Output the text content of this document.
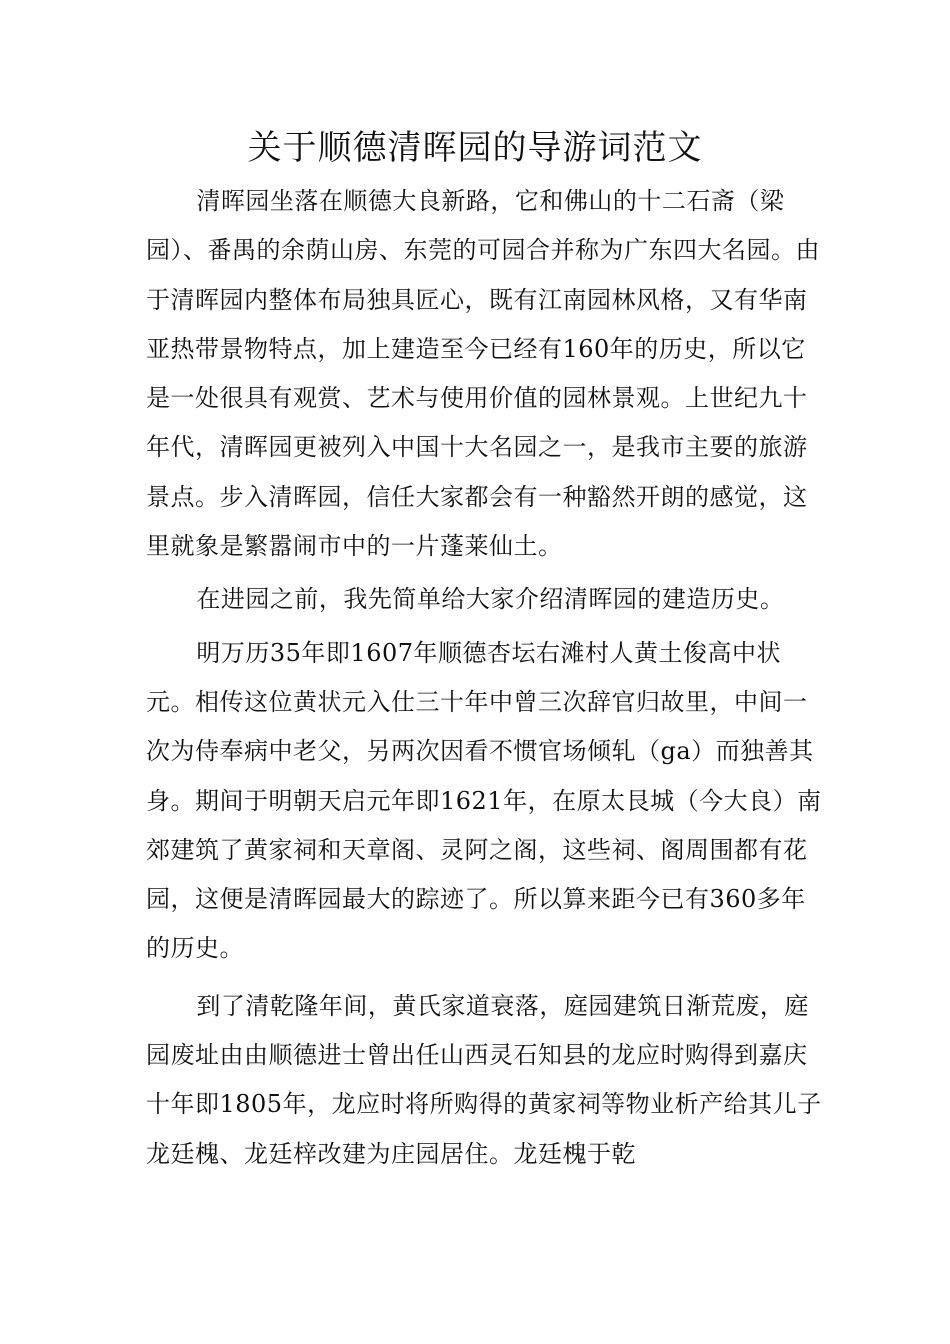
关于顺德清晖园的导游词范文

清晖园坐落在顺德大良新路，它和佛山的十二石斋（梁园）、番禺的余荫山房、东莞的可园合并称为广东四大名园。由于清晖园内整体布局独具匠心，既有江南园林风格，又有华南亚热带景物特点，加上建造至今已经有160年的历史，所以它是一处很具有观赏、艺术与使用价值的园林景观。上世纪九十年代，清晖园更被列入中国十大名园之一，是我市主要的旅游景点。步入清晖园，信任大家都会有一种豁然开朗的感觉，这里就象是繁嚣闹市中的一片蓬莱仙土。

在进园之前，我先简单给大家介绍清晖园的建造历史。

明万历35年即1607年顺德杏坛右滩村人黄土俊高中状元。相传这位黄状元入仕三十年中曾三次辞官归故里，中间一次为侍奉病中老父，另两次因看不惯官场倾轧（ga）而独善其身。期间于明朝天启元年即1621年，在原太艮城（今大良）南郊建筑了黄家祠和天章阁、灵阿之阁，这些祠、阁周围都有花园，这便是清晖园最大的踪迹了。所以算来距今已有360多年的历史。

到了清乾隆年间，黄氏家道衰落，庭园建筑日渐荒废，庭园废址由由顺德进士曾出任山西灵石知县的龙应时购得到嘉庆十年即1805年，龙应时将所购得的黄家祠等物业析产给其儿子龙廷槐、龙廷梓改建为庄园居住。龙廷槐于乾
